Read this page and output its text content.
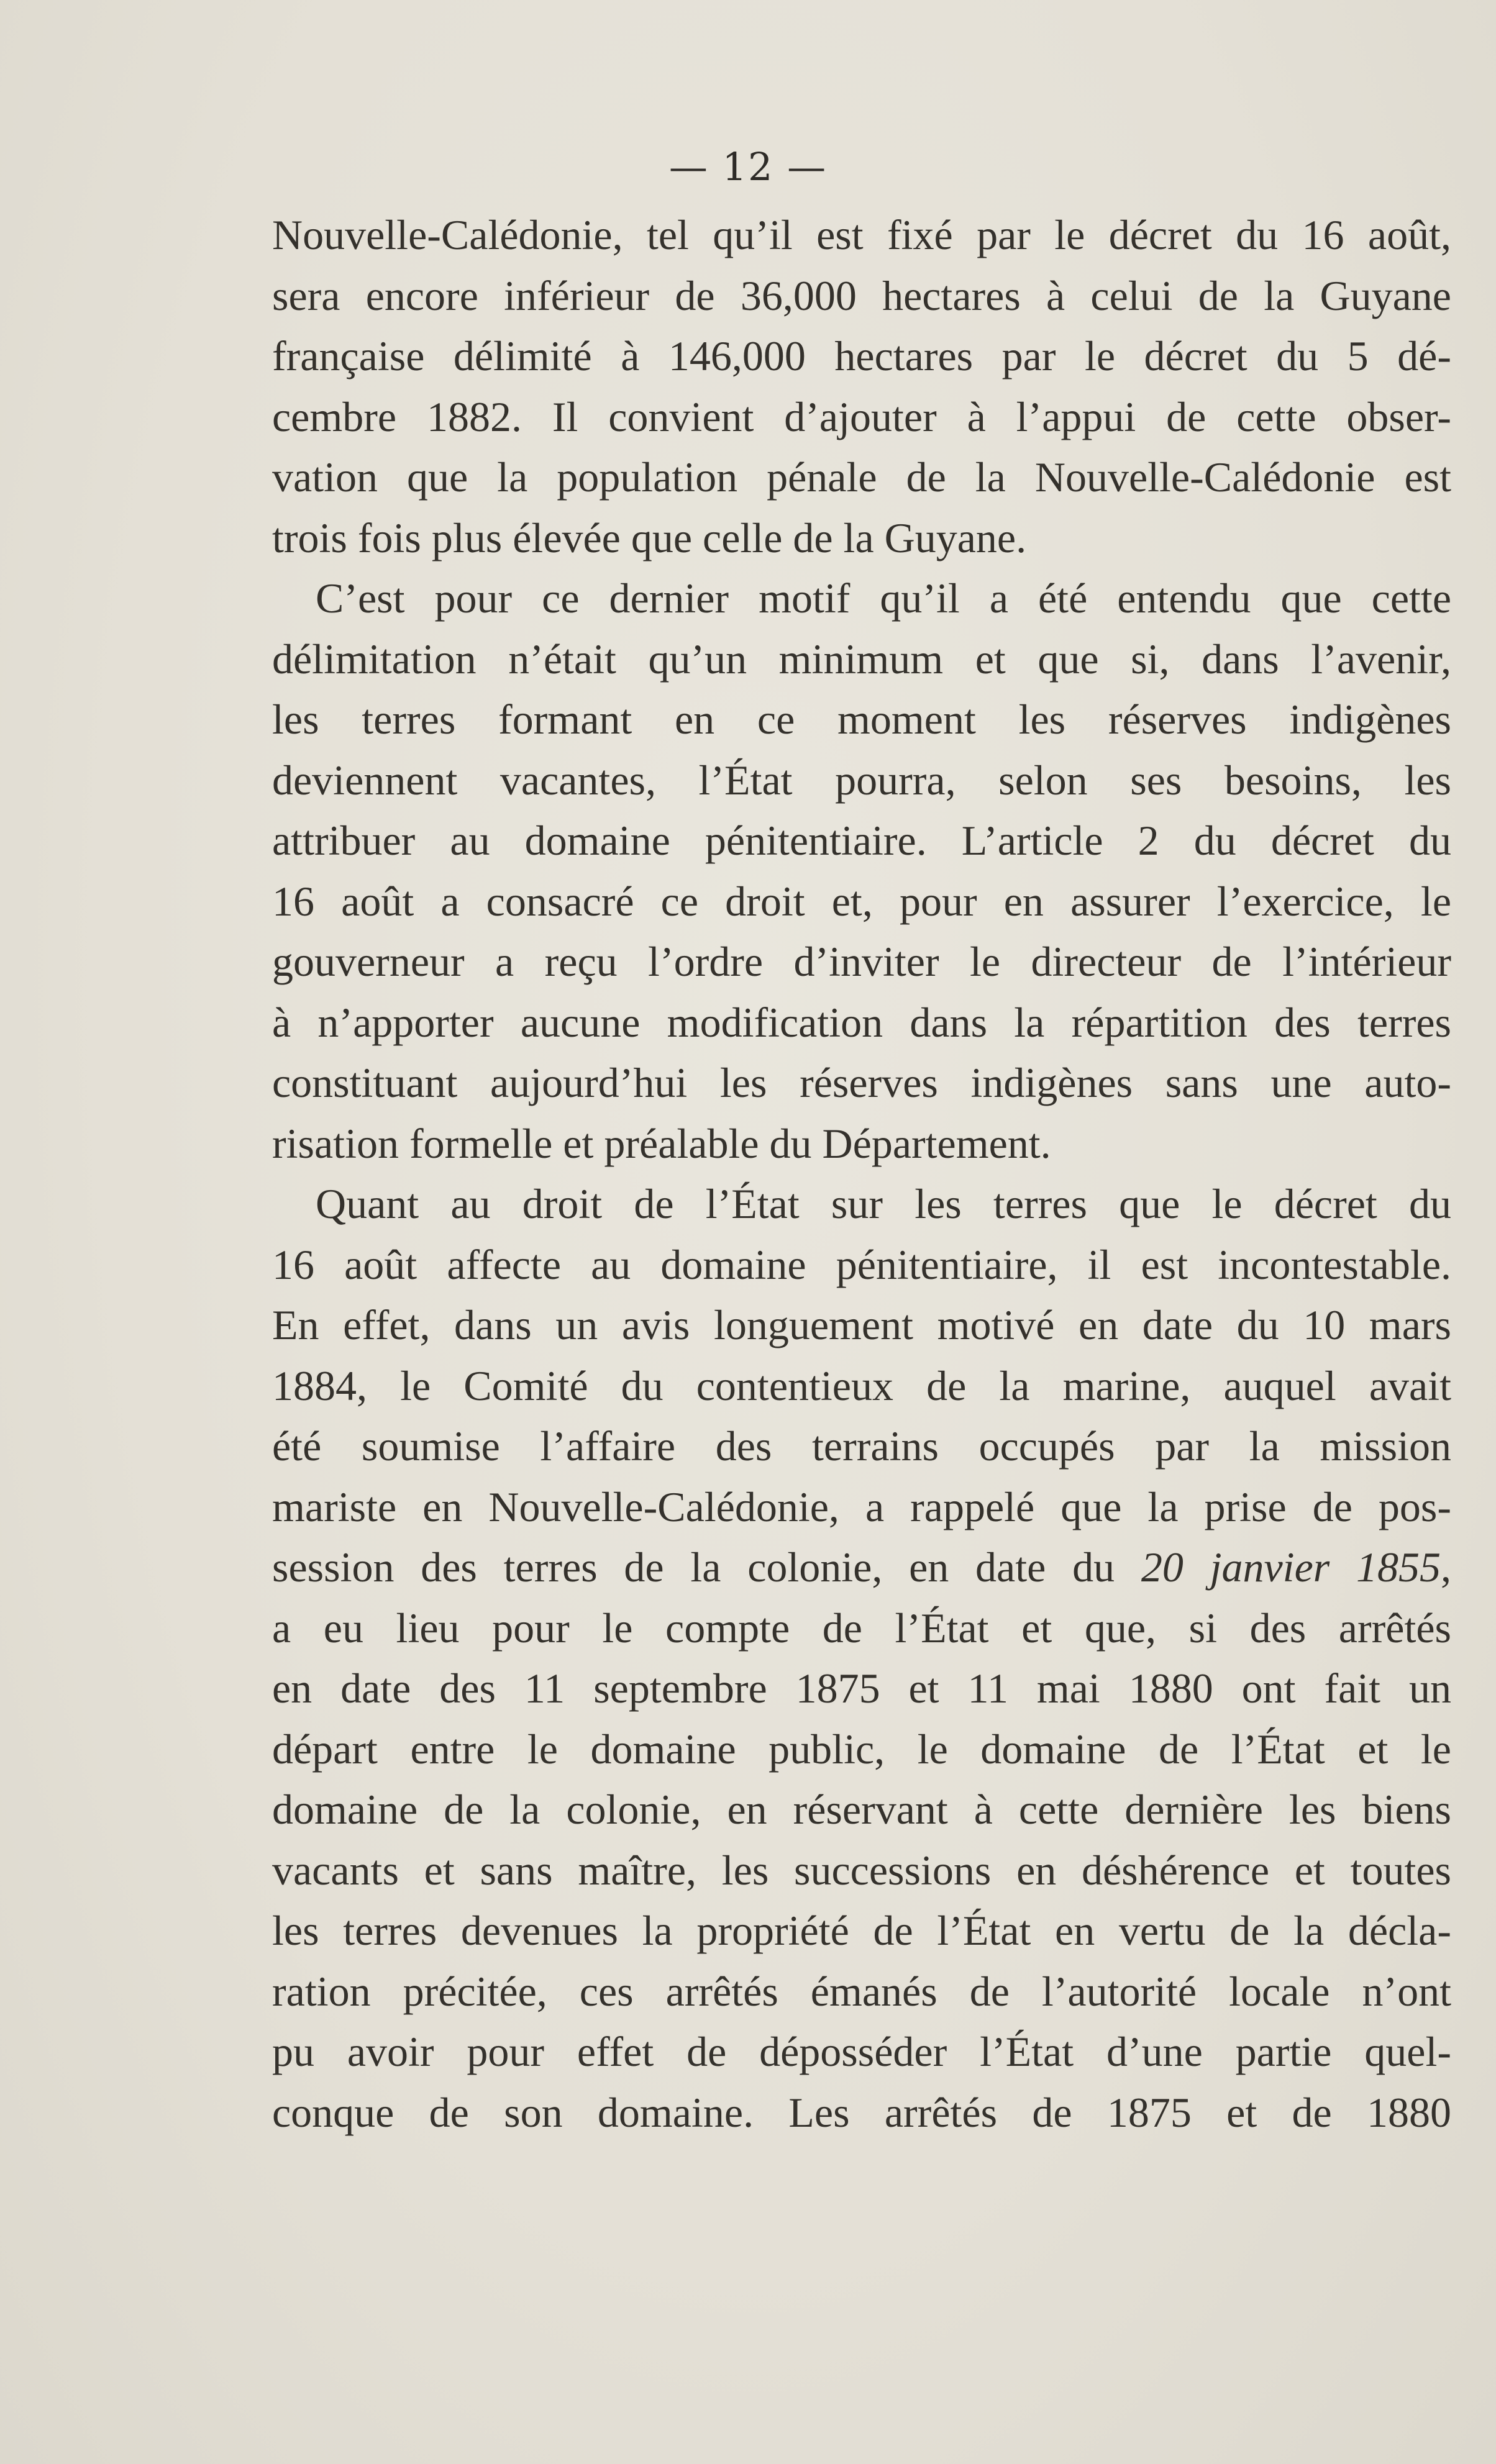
— 12 —
Nouvelle-Calédonie, tel qu’il est fixé par le décret du 16 août,
sera encore inférieur de 36,000 hectares à celui de la Guyane
française délimité à 146,000 hectares par le décret du 5 dé-
cembre 1882. Il convient d’ajouter à l’appui de cette obser-
vation que la population pénale de la Nouvelle-Calédonie est
trois fois plus élevée que celle de la Guyane.
C’est pour ce dernier motif qu’il a été entendu que cette
délimitation n’était qu’un minimum et que si, dans l’avenir,
les terres formant en ce moment les réserves indigènes
deviennent vacantes, l’État pourra, selon ses besoins, les
attribuer au domaine pénitentiaire. L’article 2 du décret du
16 août a consacré ce droit et, pour en assurer l’exercice, le
gouverneur a reçu l’ordre d’inviter le directeur de l’intérieur
à n’apporter aucune modification dans la répartition des terres
constituant aujourd’hui les réserves indigènes sans une auto-
risation formelle et préalable du Département.
Quant au droit de l’État sur les terres que le décret du
16 août affecte au domaine pénitentiaire, il est incontestable.
En effet, dans un avis longuement motivé en date du 10 mars
1884, le Comité du contentieux de la marine, auquel avait
été soumise l’affaire des terrains occupés par la mission
mariste en Nouvelle-Calédonie, a rappelé que la prise de pos-
session des terres de la colonie, en date du 20 janvier 1855,
a eu lieu pour le compte de l’État et que, si des arrêtés
en date des 11 septembre 1875 et 11 mai 1880 ont fait un
départ entre le domaine public, le domaine de l’État et le
domaine de la colonie, en réservant à cette dernière les biens
vacants et sans maître, les successions en déshérence et toutes
les terres devenues la propriété de l’État en vertu de la décla-
ration précitée, ces arrêtés émanés de l’autorité locale n’ont
pu avoir pour effet de déposséder l’État d’une partie quel-
conque de son domaine. Les arrêtés de 1875 et de 1880
